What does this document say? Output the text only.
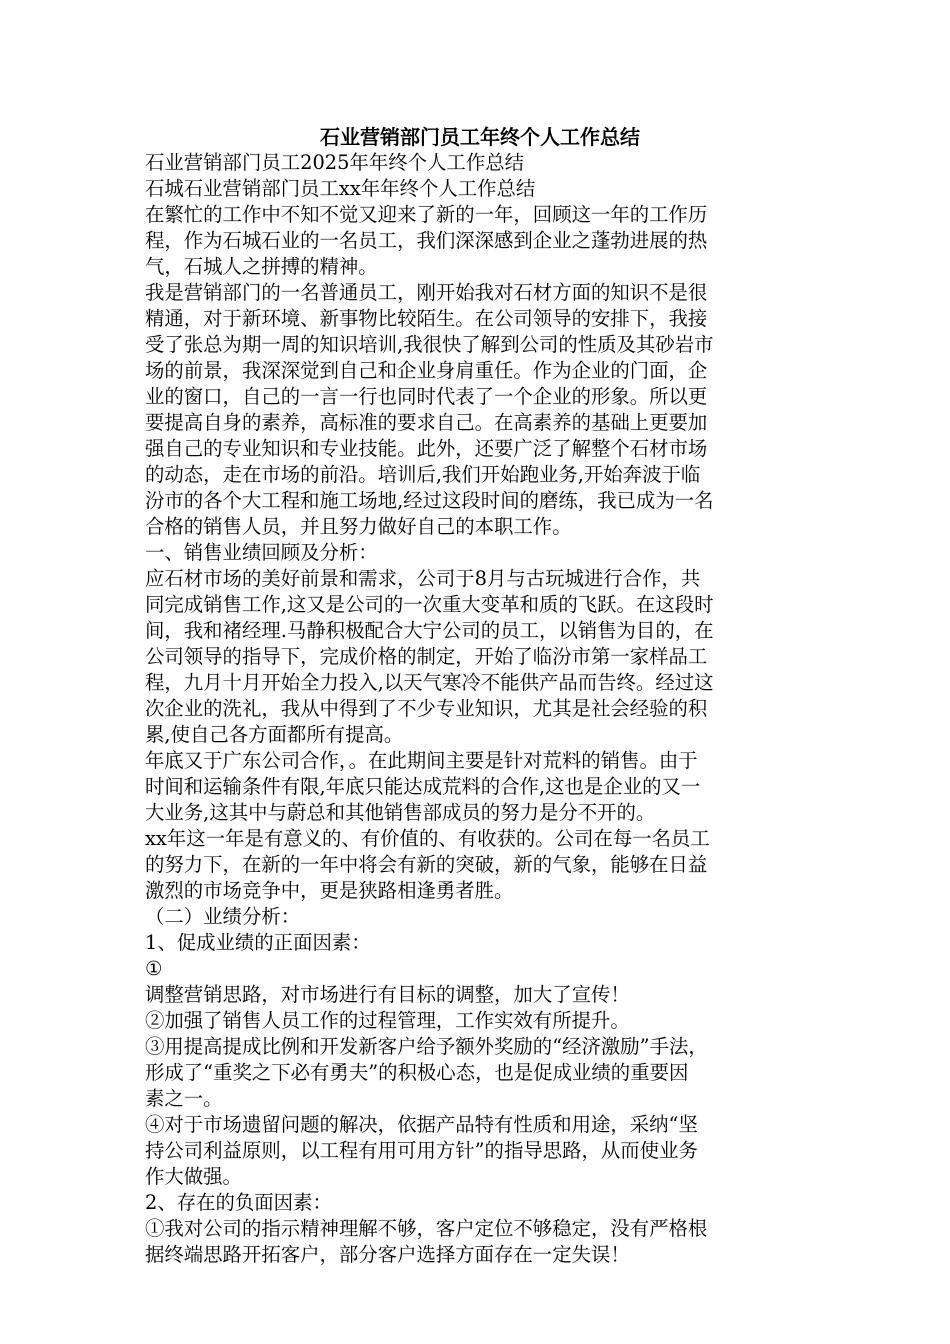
石业营销部门员工年终个人工作总结

石业营销部门员工2025年年终个人工作总结

石城石业营销部门员工xx年年终个人工作总结

在繁忙的工作中不知不觉又迎来了新的一年，回顾这一年的工作历

程，作为石城石业的一名员工，我们深深感到企业之蓬勃进展的热

气，石城人之拼搏的精神。

我是营销部门的一名普通员工，刚开始我对石材方面的知识不是很

精通，对于新环境、新事物比较陌生。在公司领导的安排下，我接

受了张总为期一周的知识培训,我很快了解到公司的性质及其砂岩市

场的前景，我深深觉到自己和企业身肩重任。作为企业的门面，企

业的窗口，自己的一言一行也同时代表了一个企业的形象。所以更

要提高自身的素养，高标准的要求自己。在高素养的基础上更要加

强自己的专业知识和专业技能。此外，还要广泛了解整个石材市场

的动态，走在市场的前沿。培训后,我们开始跑业务,开始奔波于临

汾市的各个大工程和施工场地,经过这段时间的磨练，我已成为一名

合格的销售人员，并且努力做好自己的本职工作。

一、销售业绩回顾及分析：

应石材市场的美好前景和需求，公司于8月与古玩城进行合作，共

同完成销售工作,这又是公司的一次重大变革和质的飞跃。在这段时

间，我和褚经理.马静积极配合大宁公司的员工，以销售为目的，在

公司领导的指导下，完成价格的制定，开始了临汾市第一家样品工

程，九月十月开始全力投入,以天气寒冷不能供产品而告终。经过这

次企业的洗礼，我从中得到了不少专业知识，尤其是社会经验的积

累,使自己各方面都所有提高。

年底又于广东公司合作，。在此期间主要是针对荒料的销售。由于

时间和运输条件有限,年底只能达成荒料的合作,这也是企业的又一

大业务,这其中与蔚总和其他销售部成员的努力是分不开的。

xx年这一年是有意义的、有价值的、有收获的。公司在每一名员工

的努力下，在新的一年中将会有新的突破，新的气象，能够在日益

激烈的市场竞争中，更是狭路相逢勇者胜。

（二）业绩分析：

1、促成业绩的正面因素：

①

调整营销思路，对市场进行有目标的调整，加大了宣传！

②加强了销售人员工作的过程管理，工作实效有所提升。

③用提高提成比例和开发新客户给予额外奖励的“经济激励”手法，

形成了“重奖之下必有勇夫”的积极心态，也是促成业绩的重要因

素之一。

④对于市场遗留问题的解决，依据产品特有性质和用途，采纳“坚

持公司利益原则，以工程有用可用方针”的指导思路，从而使业务

作大做强。

2、存在的负面因素：

①我对公司的指示精神理解不够，客户定位不够稳定，没有严格根

据终端思路开拓客户，部分客户选择方面存在一定失误！
